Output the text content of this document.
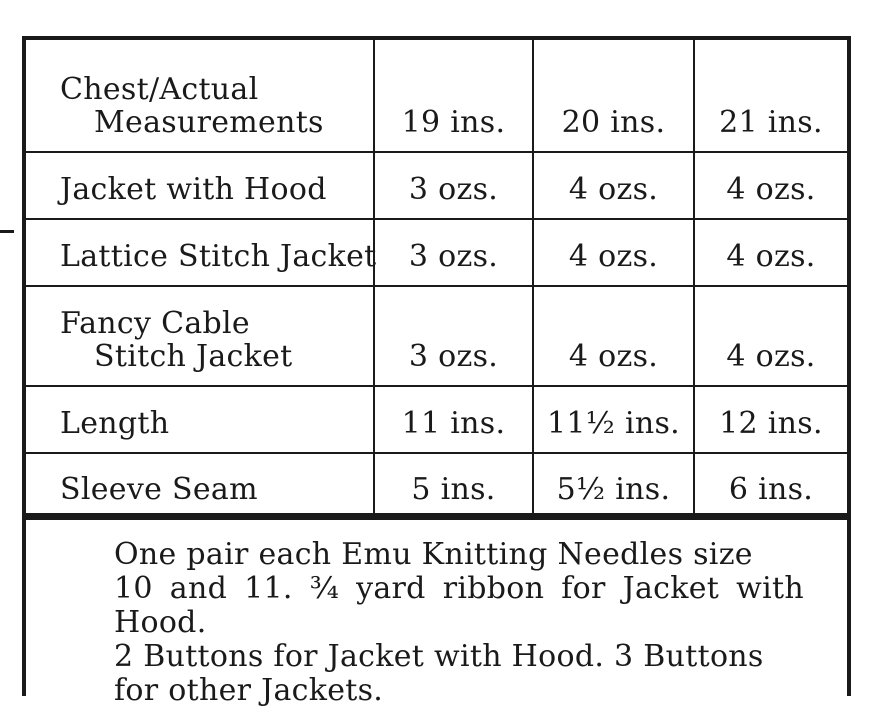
Chest/Actual
Measurements	19 ins.	20 ins.	21 ins.
Jacket with Hood	3 ozs.	4 ozs.	4 ozs.
Lattice Stitch Jacket	3 ozs.	4 ozs.	4 ozs.
Fancy Cable
Stitch Jacket	3 ozs.	4 ozs.	4 ozs.
Length	11 ins.	11½ ins.	12 ins.
Sleeve Seam	5 ins.	5½ ins.	6 ins.
One pair each Emu Knitting Needles size
10 and 11. ¾ yard ribbon for Jacket with Hood.
2 Buttons for Jacket with Hood. 3 Buttons
for other Jackets.
